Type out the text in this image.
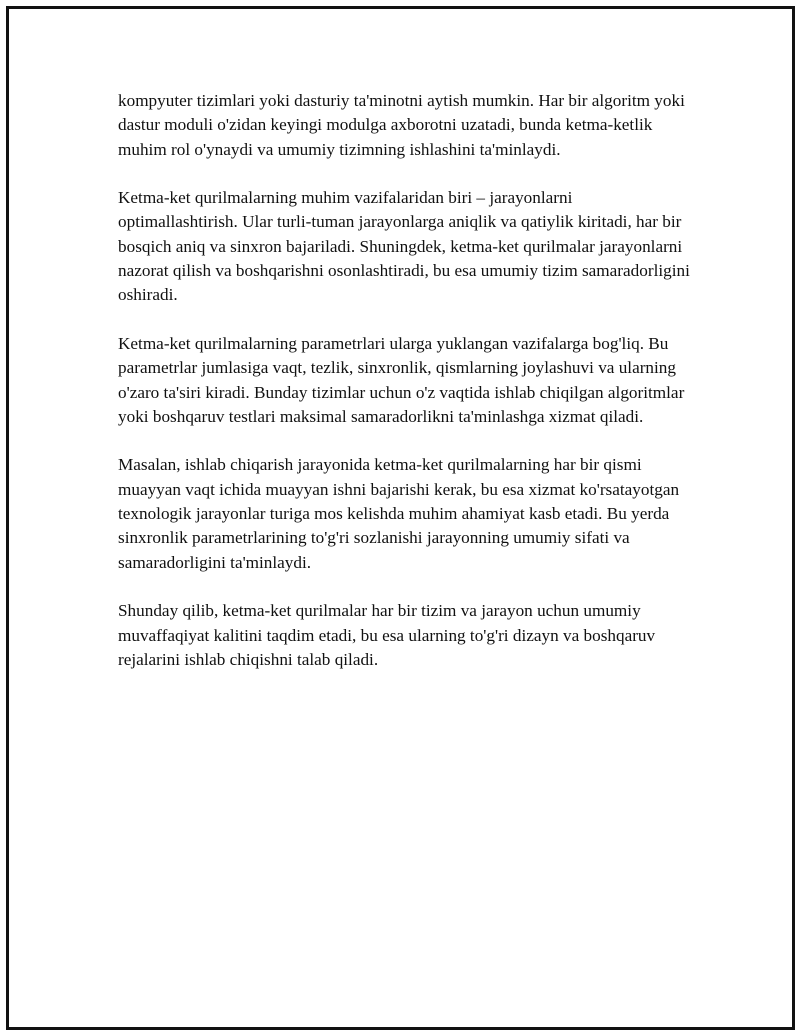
kompyuter tizimlari yoki dasturiy ta'minotni aytish mumkin. Har bir algoritm yoki dastur moduli o'zidan keyingi modulga axborotni uzatadi, bunda ketma-ketlik muhim rol o'ynaydi va umumiy tizimning ishlashini ta'minlaydi.

Ketma-ket qurilmalarning muhim vazifalaridan biri – jarayonlarni optimallashtirish. Ular turli-tuman jarayonlarga aniqlik va qatiylik kiritadi, har bir bosqich aniq va sinxron bajariladi. Shuningdek, ketma-ket qurilmalar jarayonlarni nazorat qilish va boshqarishni osonlashtiradi, bu esa umumiy tizim samaradorligini oshiradi.

Ketma-ket qurilmalarning parametrlari ularga yuklangan vazifalarga bog'liq. Bu parametrlar jumlasiga vaqt, tezlik, sinxronlik, qismlarning joylashuvi va ularning o'zaro ta'siri kiradi. Bunday tizimlar uchun o'z vaqtida ishlab chiqilgan algoritmlar yoki boshqaruv testlari maksimal samaradorlikni ta'minlashga xizmat qiladi.

Masalan, ishlab chiqarish jarayonida ketma-ket qurilmalarning har bir qismi muayyan vaqt ichida muayyan ishni bajarishi kerak, bu esa xizmat ko'rsatayotgan texnologik jarayonlar turiga mos kelishda muhim ahamiyat kasb etadi. Bu yerda sinxronlik parametrlarining to'g'ri sozlanishi jarayonning umumiy sifati va samaradorligini ta'minlaydi.

Shunday qilib, ketma-ket qurilmalar har bir tizim va jarayon uchun umumiy muvaffaqiyat kalitini taqdim etadi, bu esa ularning to'g'ri dizayn va boshqaruv rejalarini ishlab chiqishni talab qiladi.
